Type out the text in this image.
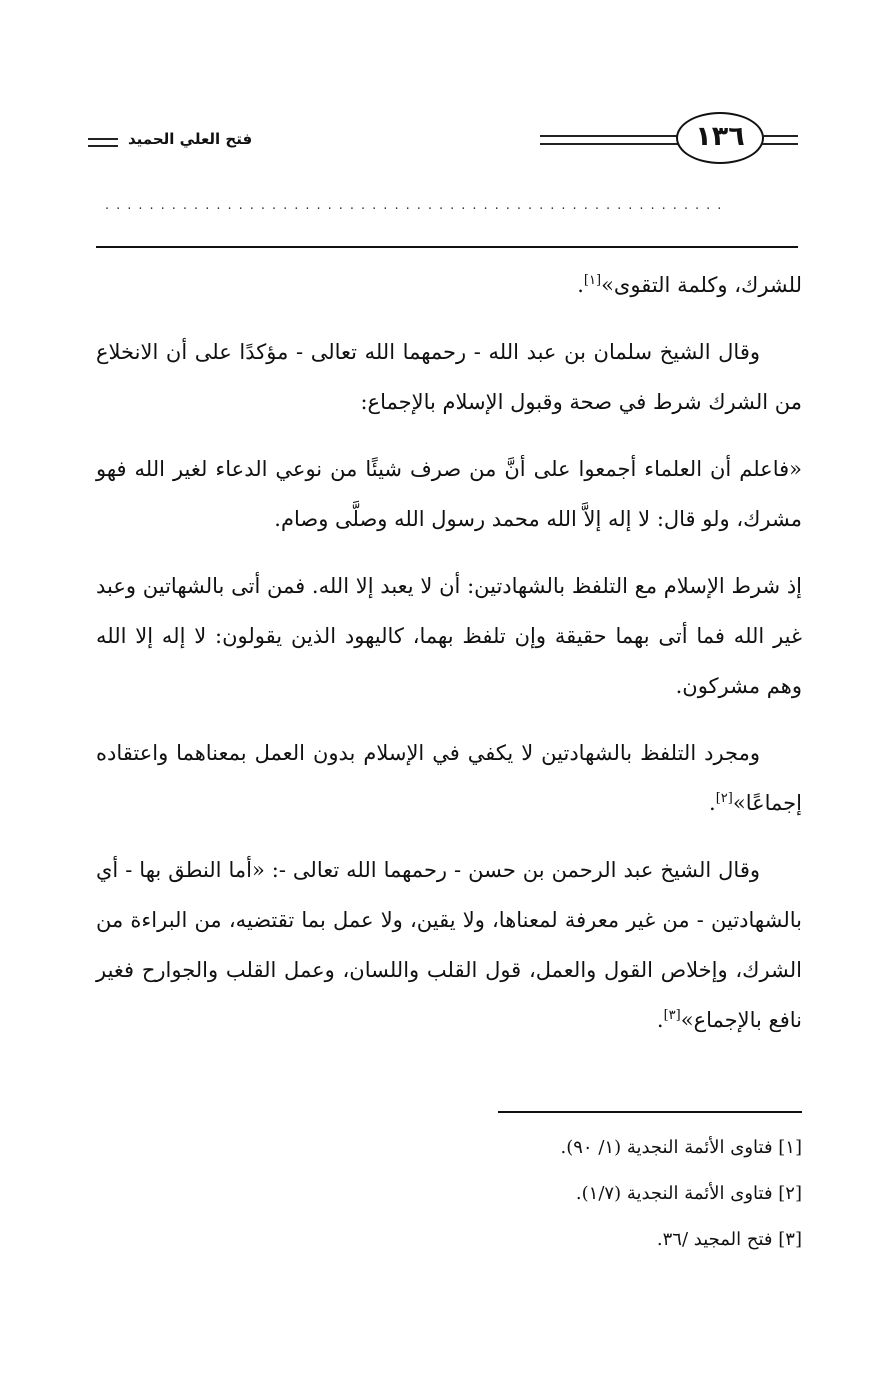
فتح العلي الحميد	١٣٦
........................................................

للشرك، وكلمة التقوى»[١].

وقال الشيخ سلمان بن عبد الله - رحمهما الله تعالى - مؤكدًا على أن الانخلاع من الشرك شرط في صحة وقبول الإسلام بالإجماع:

«فاعلم أن العلماء أجمعوا على أنَّ من صرف شيئًا من نوعي الدعاء لغير الله فهو مشرك، ولو قال: لا إله إلاَّ الله محمد رسول الله وصلَّى وصام.

إذ شرط الإسلام مع التلفظ بالشهادتين: أن لا يعبد إلا الله. فمن أتى بالشهاتين وعبد غير الله فما أتى بهما حقيقة وإن تلفظ بهما، كاليهود الذين يقولون: لا إله إلا الله وهم مشركون.

ومجرد التلفظ بالشهادتين لا يكفي في الإسلام بدون العمل بمعناهما واعتقاده إجماعًا»[٢].

وقال الشيخ عبد الرحمن بن حسن - رحمهما الله تعالى -: «أما النطق بها - أي بالشهادتين - من غير معرفة لمعناها، ولا يقين، ولا عمل بما تقتضيه، من البراءة من الشرك، وإخلاص القول والعمل، قول القلب واللسان، وعمل القلب والجوارح فغير نافع بالإجماع»[٣].

[١] فتاوى الأئمة النجدية (١/ ٩٠).
[٢] فتاوى الأئمة النجدية (١/٧).
[٣] فتح المجيد /٣٦.
